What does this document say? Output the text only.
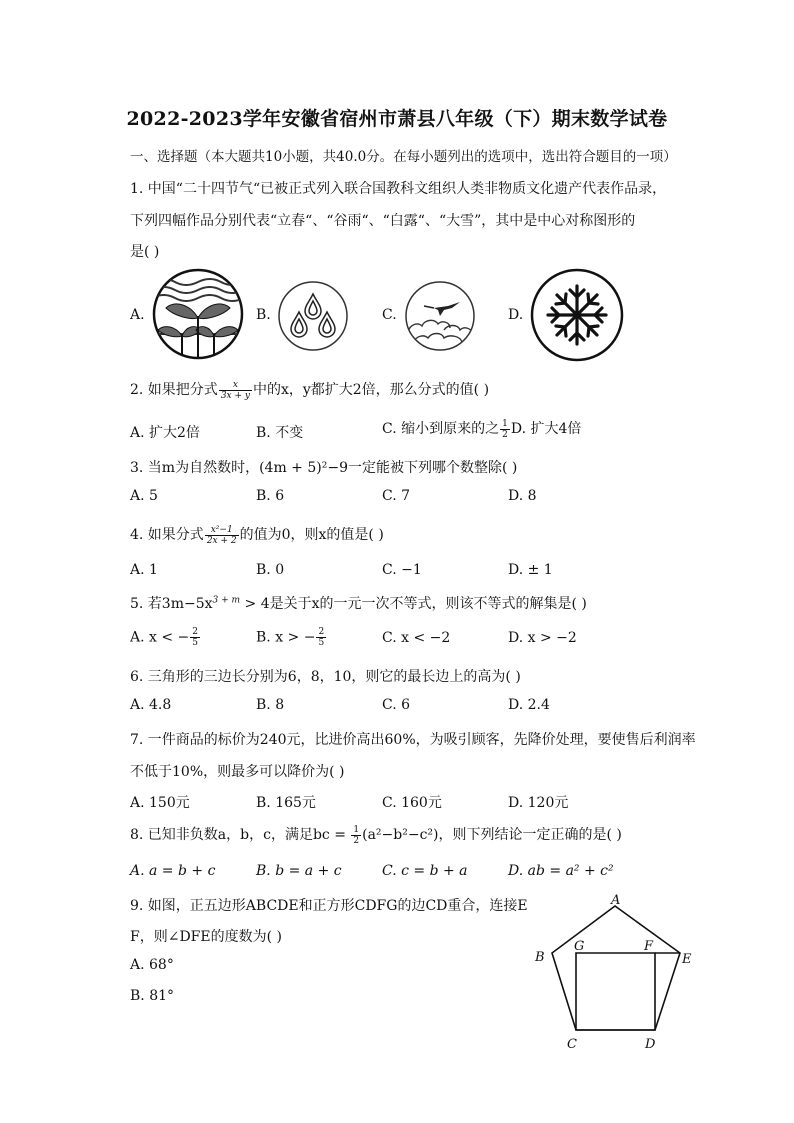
2022-2023学年安徽省宿州市萧县八年级（下）期末数学试卷
一、选择题（本大题共10小题，共40.0分。在每小题列出的选项中，选出符合题目的一项）
1. 中国“二十四节气“已被正式列入联合国教科文组织人类非物质文化遗产代表作品录，
下列四幅作品分别代表“立春“、“谷雨“、“白露“、“大雪”，其中是中心对称图形的
是( )
A.	B.	C.	D.
2. 如果把分式 $\frac{x}{3x + y}$ 中的x，y都扩大2倍，那么分式的值( )
A. 扩大2倍	B. 不变	C. 缩小到原来的之 $\frac{1}{2} D$. 扩大4倍
3. 当m为自然数时，(4m + 5)²−9一定能被下列哪个数整除( )
A. 5	B. 6	C. 7	D. 8
4. 如果分式 $\frac{\text{x²−1}}{2x + 2}$ 的值为0，则x的值是( )
A. 1	B. 0	C. −1	D. ± 1
5. 若$3m-5x^{3 + m} > 4$是关于x的一元一次不等式，则该不等式的解集是( )
A. x < − $\frac{2}{5}$	B. x > − $\frac{2}{5}$	C. x < −2	D. x > −2
6. 三角形的三边长分别为6，8，10，则它的最长边上的高为( )
A. 4.8	B. 8	C. 6	D. 2.4
7. 一件商品的标价为240元，比进价高出60%，为吸引顾客，先降价处理，要使售后利润率
不低于10%，则最多可以降价为( )
A. 150元	B. 165元	C. 160元	D. 120元
8. 已知非负数a，b，c，满足bc = $\frac{1}{2} (a^2-b^2-c^2)$，则下列结论一定正确的是( )
A. a = b + c	B. b = a + c	C. c = b + a	D. ab = a² + c²
9. 如图，正五边形ABCDE和正方形CDFG的边CD重合，连接E
F，则∠DFE的度数为( )
A. 68°
B. 81°
A
B
C	D
E
F
G
